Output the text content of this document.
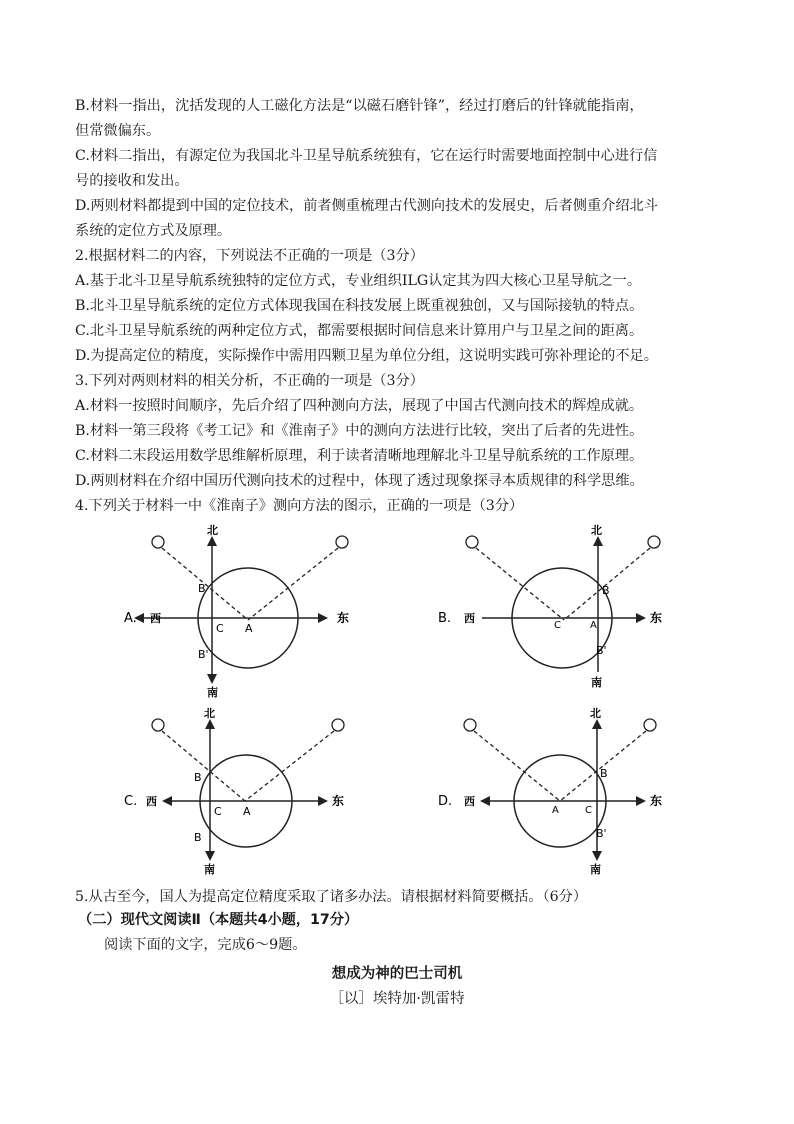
B.材料一指出，沈括发现的人工磁化方法是“以磁石磨针锋”，经过打磨后的针锋就能指南，
但常微偏东。
C.材料二指出，有源定位为我国北斗卫星导航系统独有，它在运行时需要地面控制中心进行信
号的接收和发出。
D.两则材料都提到中国的定位技术，前者侧重梳理古代测向技术的发展史，后者侧重介绍北斗
系统的定位方式及原理。
2.根据材料二的内容，下列说法不正确的一项是（3分）
A.基于北斗卫星导航系统独特的定位方式，专业组织ILG认定其为四大核心卫星导航之一。
B.北斗卫星导航系统的定位方式体现我国在科技发展上既重视独创，又与国际接轨的特点。
C.北斗卫星导航系统的两种定位方式，都需要根据时间信息来计算用户与卫星之间的距离。
D.为提高定位的精度，实际操作中需用四颗卫星为单位分组，这说明实践可弥补理论的不足。
3.下列对两则材料的相关分析，不正确的一项是（3分）
A.材料一按照时间顺序，先后介绍了四种测向方法，展现了中国古代测向技术的辉煌成就。
B.材料一第三段将《考工记》和《淮南子》中的测向方法进行比较，突出了后者的先进性。
C.材料二末段运用数学思维解析原理，利于读者清晰地理解北斗卫星导航系统的工作原理。
D.两则材料在介绍中国历代测向技术的过程中，体现了透过现象探寻本质规律的科学思维。
4.下列关于材料一中《淮南子》测向方法的图示，正确的一项是（3分）
北
南
西	东
A.
B
C A
B'
北
南
西	东
B.
B
C	A
B'
北
南
西	东
C.
B
C A
B
北
南
西	东
D.
B
A	C
B'
5.从古至今，国人为提高定位精度采取了诸多办法。请根据材料简要概括。（6分）
（二）现代文阅读Ⅱ（本题共4小题，17分）
阅读下面的文字，完成6～9题。
想成为神的巴士司机
［以］埃特加·凯雷特
